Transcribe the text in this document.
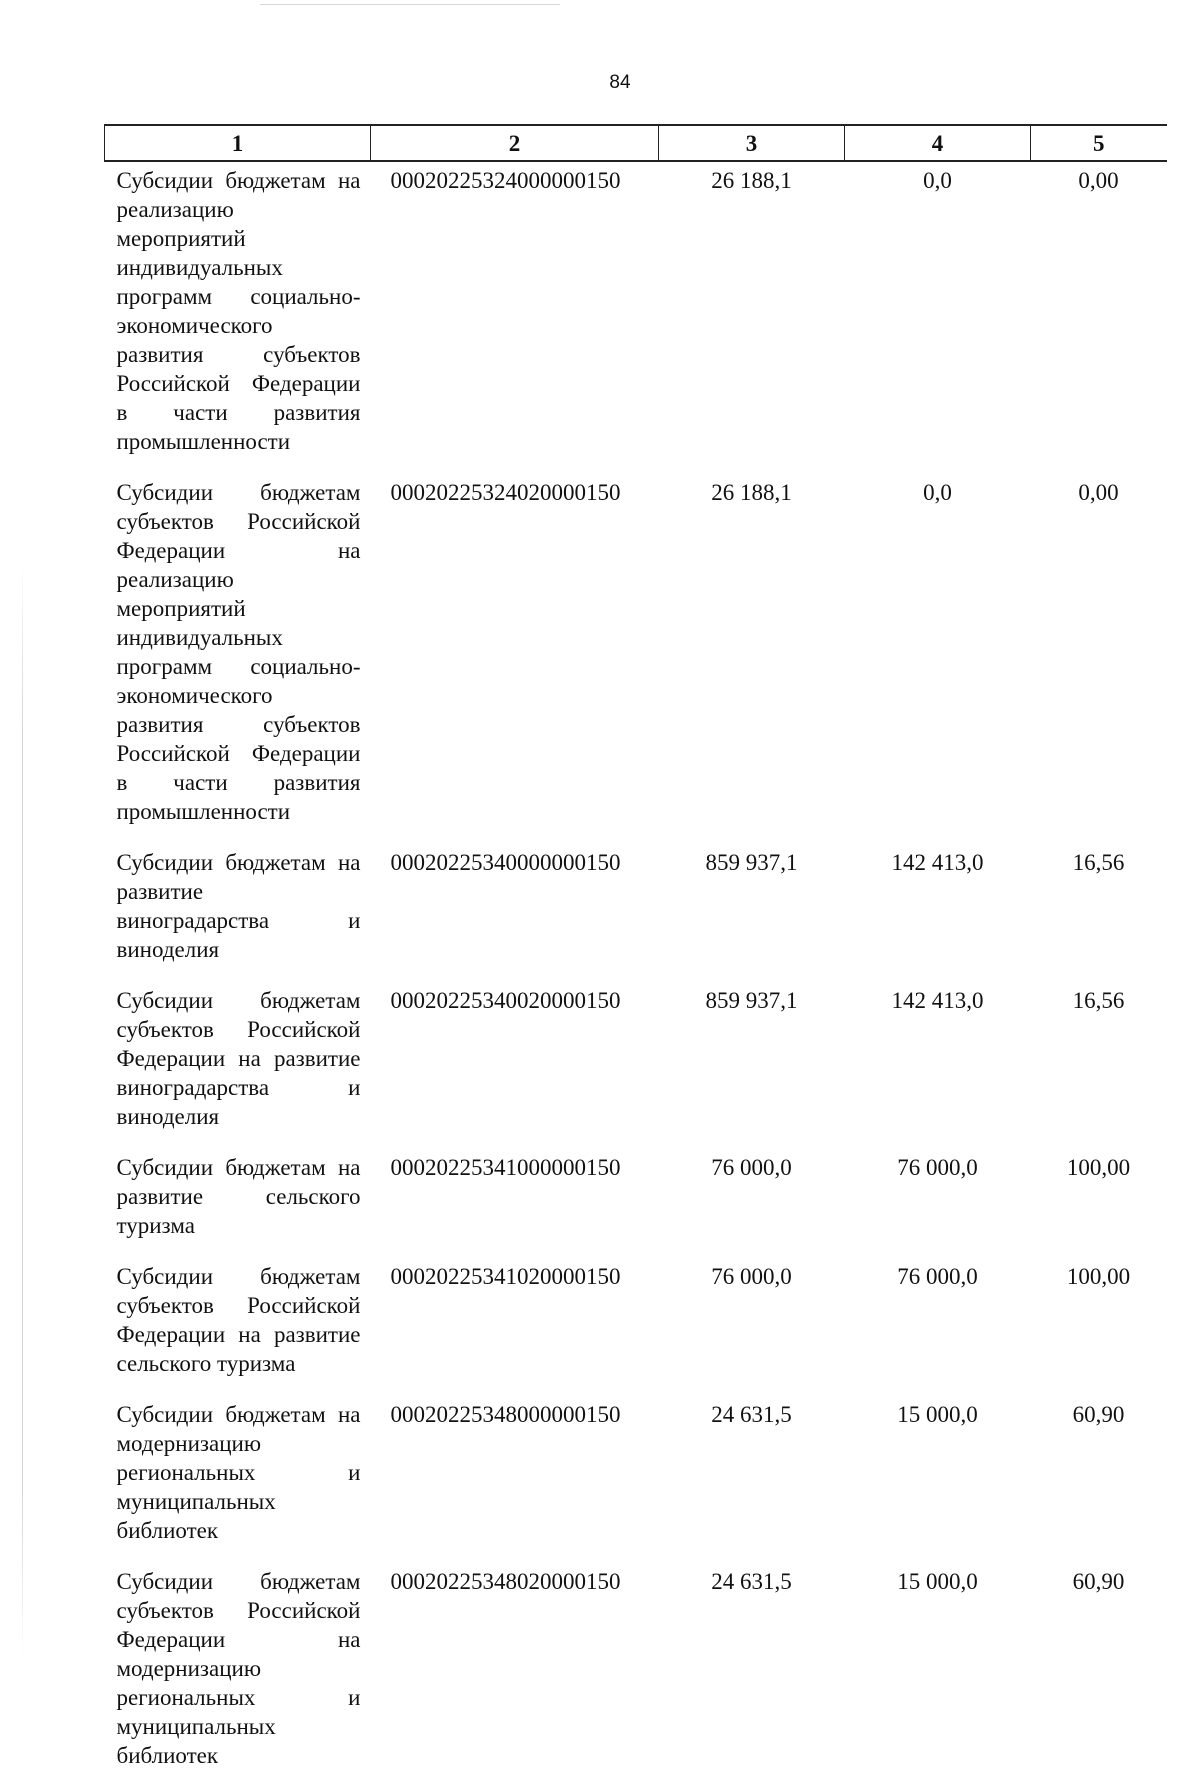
84
1	2	3	4	5
Субсидии бюджетам на реализацию мероприятий индивидуальных программ социально-экономического развития субъектов Российской Федерации в части развития промышленности	00020225324000000150	26 188,1	0,0	0,00
Субсидии бюджетам субъектов Российской Федерации на реализацию мероприятий индивидуальных программ социально-экономического развития субъектов Российской Федерации в части развития промышленности	00020225324020000150	26 188,1	0,0	0,00
Субсидии бюджетам на развитие виноградарства и виноделия	00020225340000000150	859 937,1	142 413,0	16,56
Субсидии бюджетам субъектов Российской Федерации на развитие виноградарства и виноделия	00020225340020000150	859 937,1	142 413,0	16,56
Субсидии бюджетам на развитие сельского туризма	00020225341000000150	76 000,0	76 000,0	100,00
Субсидии бюджетам субъектов Российской Федерации на развитие сельского туризма	00020225341020000150	76 000,0	76 000,0	100,00
Субсидии бюджетам на модернизацию региональных и муниципальных библиотек	00020225348000000150	24 631,5	15 000,0	60,90
Субсидии бюджетам субъектов Российской Федерации на модернизацию региональных и муниципальных библиотек	00020225348020000150	24 631,5	15 000,0	60,90
